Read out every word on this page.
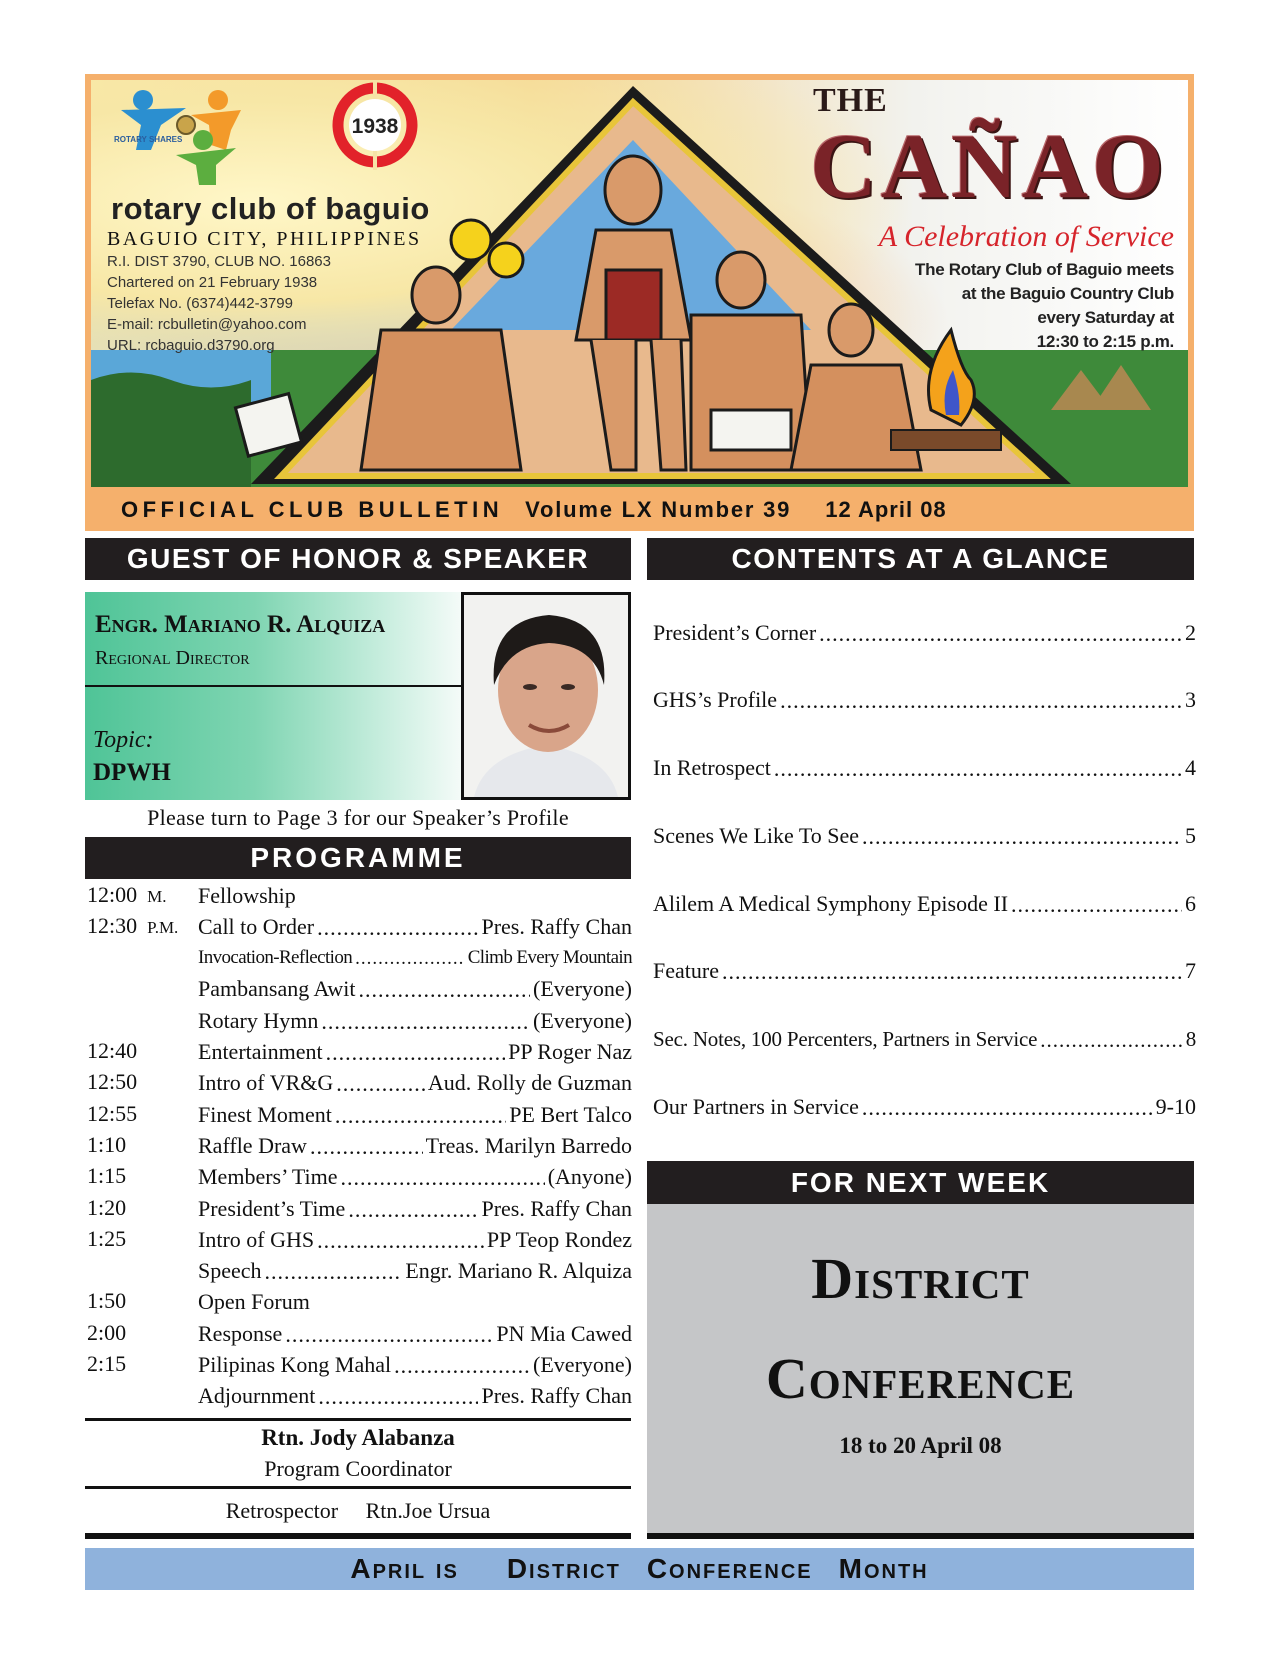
ROTARY SHARES
1938
rotary club of baguio
BAGUIO CITY, PHILIPPINES
R.I. DIST 3790, CLUB NO. 16863
Chartered on 21 February 1938
Telefax No. (6374)442-3799
E-mail: rcbulletin@yahoo.com
URL: rcbaguio.d3790.org
THE
CAÑAO
A Celebration of Service
The Rotary Club of Baguio meets
at the Baguio Country Club
every Saturday at
12:30 to 2:15 p.m.
OFFICIAL CLUB BULLETIN Volume LX Number 39 12 April 08
GUEST OF HONOR & SPEAKER	CONTENTS AT A GLANCE
Engr. Mariano R. Alquiza
Regional Director
Topic:
DPWH
Please turn to Page 3 for our Speaker’s Profile
PROGRAMME
12:00 M.	Fellowship
12:30 P.M. Call to Order .....	Pres. Raffy Chan
Invocation-Reflection .....	Climb Every Mountain
Pambansang Awit .....	(Everyone)
Rotary Hymn .....	(Everyone)
12:40	Entertainment .....	PP Roger Naz
12:50	Intro of VR&G .....	Aud. Rolly de Guzman
12:55	Finest Moment .....	PE Bert Talco
1:10	Raffle Draw .....	Treas. Marilyn Barredo
1:15	Members’ Time .....	(Anyone)
1:20	President’s Time .....	Pres. Raffy Chan
1:25	Intro of GHS .....	PP Teop Rondez
Speech .....	Engr. Mariano R. Alquiza
1:50	Open Forum
2:00	Response .....	PN Mia Cawed
2:15	Pilipinas Kong Mahal .....	(Everyone)
Adjournment .....	Pres. Raffy Chan
Rtn. Jody Alabanza
Program Coordinator
Retrospector Rtn.Joe Ursua
President’s Corner .....	2
GHS’s Profile .....	3
In Retrospect .....	4
Scenes We Like To See .....	5
Alilem A Medical Symphony Episode II .....	6
Feature .....	7
Sec. Notes, 100 Percenters, Partners in Service .....	8
Our Partners in Service .....	9-10
FOR NEXT WEEK
District
Conference
18 to 20 April 08
April is District Conference Month
